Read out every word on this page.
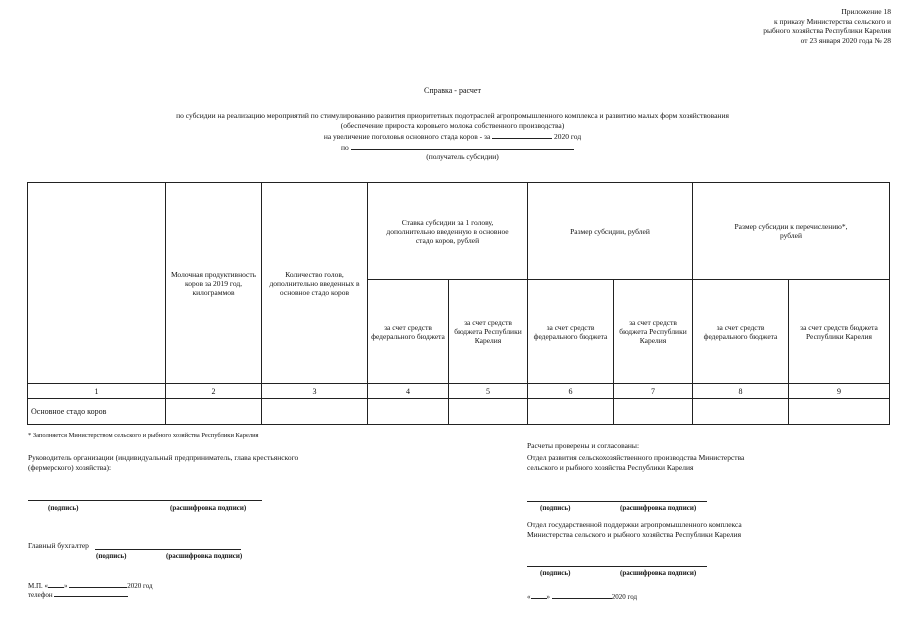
Приложение 18
к приказу Министерства сельского и
рыбного хозяйства Республики Карелия
от 23 января 2020 года № 28
Справка - расчет
по субсидии на реализацию мероприятий по стимулированию развития приоритетных подотраслей агропромышленного комплекса и развитию малых форм хозяйствования
(обеспечение прироста коровьего молока собственного производства)
на увеличение поголовья основного стада коров - за	2020 год
по
(получатель субсидии)
	Молочная продуктивность коров за 2019 год, килограммов	Количество голов, дополнительно введенных в основное стадо коров	Ставка субсидии за 1 голову, дополнительно введенную в основное стадо коров, рублей		Размер субсидии, рублей		Размер субсидии к перечислению*, рублей	
			за счет средств федерального бюджета	за счет средств бюджета Республики Карелия	за счет средств федерального бюджета	за счет средств бюджета Республики Карелия	за счет средств федерального бюджета	за счет средств бюджета Республики Карелия
1	2	3	4	5	6	7	8	9
Основное стадо коров								
* Заполняется Министерством сельского и рыбного хозяйства Республики Карелия
Руководитель организации (индивидуальный предприниматель, глава крестьянского
(фермерского) хозяйства):
(подпись)	(расшифровка подписи)
Главный бухгалтер
(подпись)	(расшифровка подписи)
М.П. « »	2020 год
телефон
Расчеты проверены и согласованы:
Отдел развития сельскохозяйственного производства Министерства
сельского и рыбного хозяйства Республики Карелия
(подпись)	(расшифровка подписи)
Отдел государственной поддержки агропромышленного комплекса
Министерства сельского и рыбного хозяйства Республики Карелия
(подпись)	(расшифровка подписи)
« »	2020 год
